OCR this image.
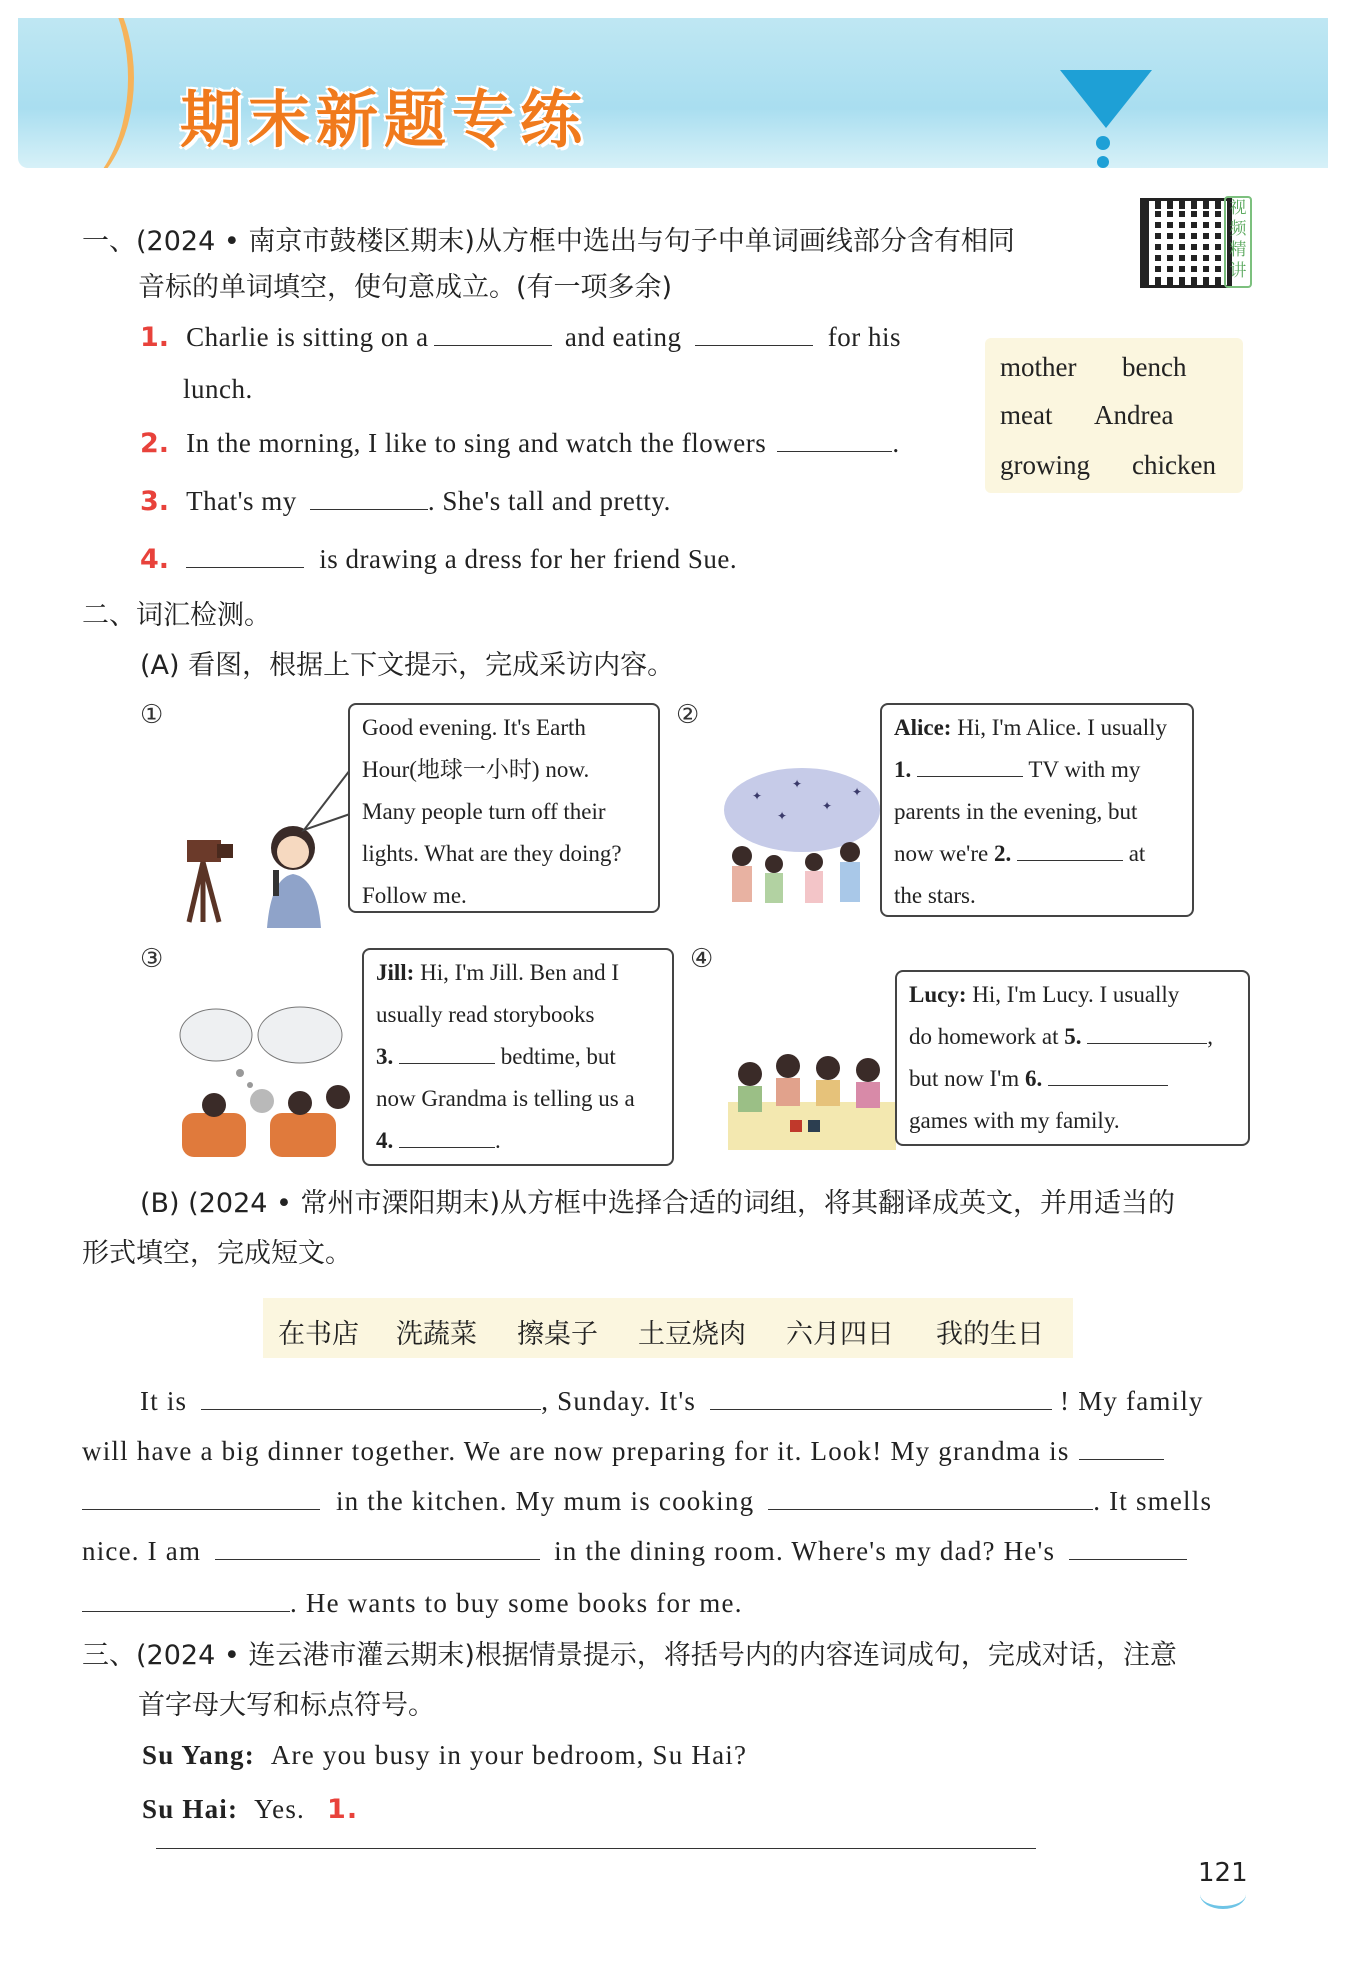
期末新题专练
视
频
精
讲
一、(2024 • 南京市鼓楼区期末)从方框中选出与句子中单词画线部分含有相同
音标的单词填空，使句意成立。(有一项多余)
1. Charlie is sitting on a	and eating	for his
lunch.
2. In the morning, I like to sing and watch the flowers	.
3. That's my	. She's tall and pretty.
4.	is drawing a dress for her friend Sue.
mother bench
meat Andrea
growing chicken
二、词汇检测。
(A) 看图，根据上下文提示，完成采访内容。
①	②
③	④
Good evening. It's Earth
Hour(地球一小时) now.
Many people turn off their
lights. What are they doing?
Follow me.
✦
✦
✦
✦
✦
Alice: Hi, I'm Alice. I usually
1.	TV with my
parents in the evening, but
now we're 2.	at
the stars.
Jill: Hi, I'm Jill. Ben and I
usually read storybooks
3.	bedtime, but
now Grandma is telling us a
4.	.
Lucy: Hi, I'm Lucy. I usually
do homework at 5.	,
but now I'm 6.
games with my family.
(B) (2024 • 常州市溧阳期末)从方框中选择合适的词组，将其翻译成英文，并用适当的
形式填空，完成短文。
在书店 洗蔬菜 擦桌子 土豆烧肉 六月四日 我的生日
It is	, Sunday. It's	! My family
will have a big dinner together. We are now preparing for it. Look! My grandma is
in the kitchen. My mum is cooking	. It smells
nice. I am	in the dining room. Where's my dad? He's
. He wants to buy some books for me.
三、(2024 • 连云港市灌云期末)根据情景提示，将括号内的内容连词成句，完成对话，注意
首字母大写和标点符号。
Su Yang: Are you busy in your bedroom, Su Hai?
Su Hai: Yes. 1.
121
